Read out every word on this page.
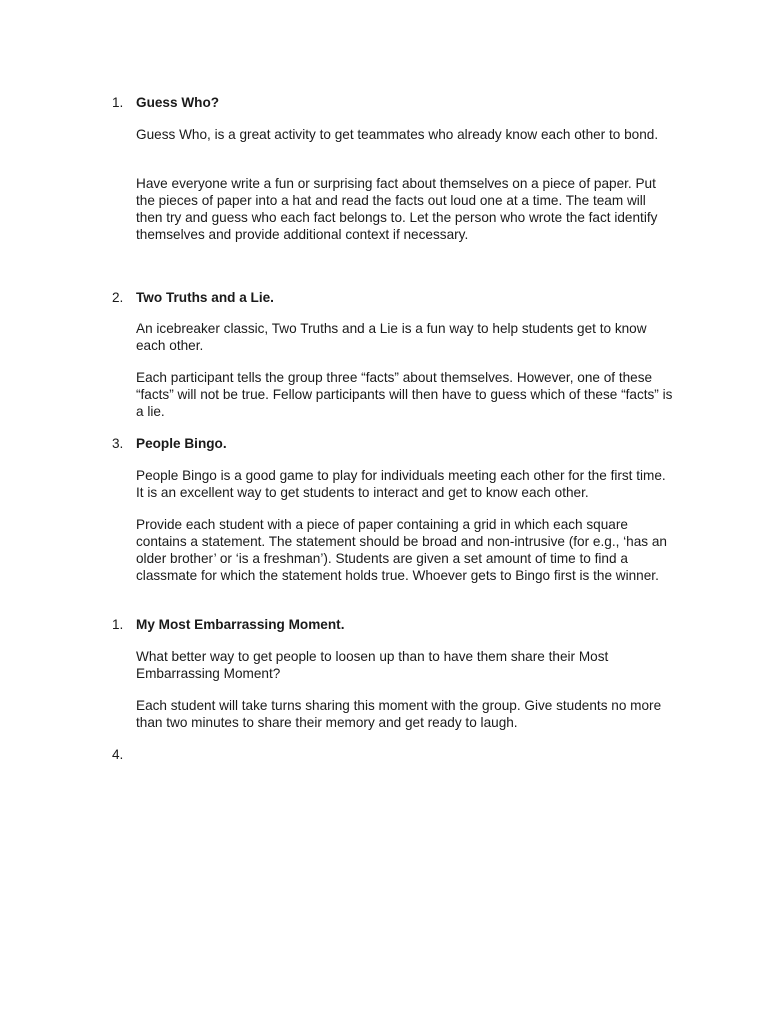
1. Guess Who?

Guess Who, is a great activity to get teammates who already know each other to bond.

Have everyone write a fun or surprising fact about themselves on a piece of paper. Put the pieces of paper into a hat and read the facts out loud one at a time. The team will then try and guess who each fact belongs to. Let the person who wrote the fact identify themselves and provide additional context if necessary.

2. Two Truths and a Lie.

An icebreaker classic, Two Truths and a Lie is a fun way to help students get to know each other.

Each participant tells the group three “facts” about themselves. However, one of these “facts” will not be true. Fellow participants will then have to guess which of these “facts” is a lie.

3. People Bingo.

People Bingo is a good game to play for individuals meeting each other for the first time. It is an excellent way to get students to interact and get to know each other.

Provide each student with a piece of paper containing a grid in which each square contains a statement. The statement should be broad and non-intrusive (for e.g., ‘has an older brother’ or ‘is a freshman’). Students are given a set amount of time to find a classmate for which the statement holds true. Whoever gets to Bingo first is the winner.

1. My Most Embarrassing Moment.

What better way to get people to loosen up than to have them share their Most Embarrassing Moment?

Each student will take turns sharing this moment with the group. Give students no more than two minutes to share their memory and get ready to laugh.

4.
